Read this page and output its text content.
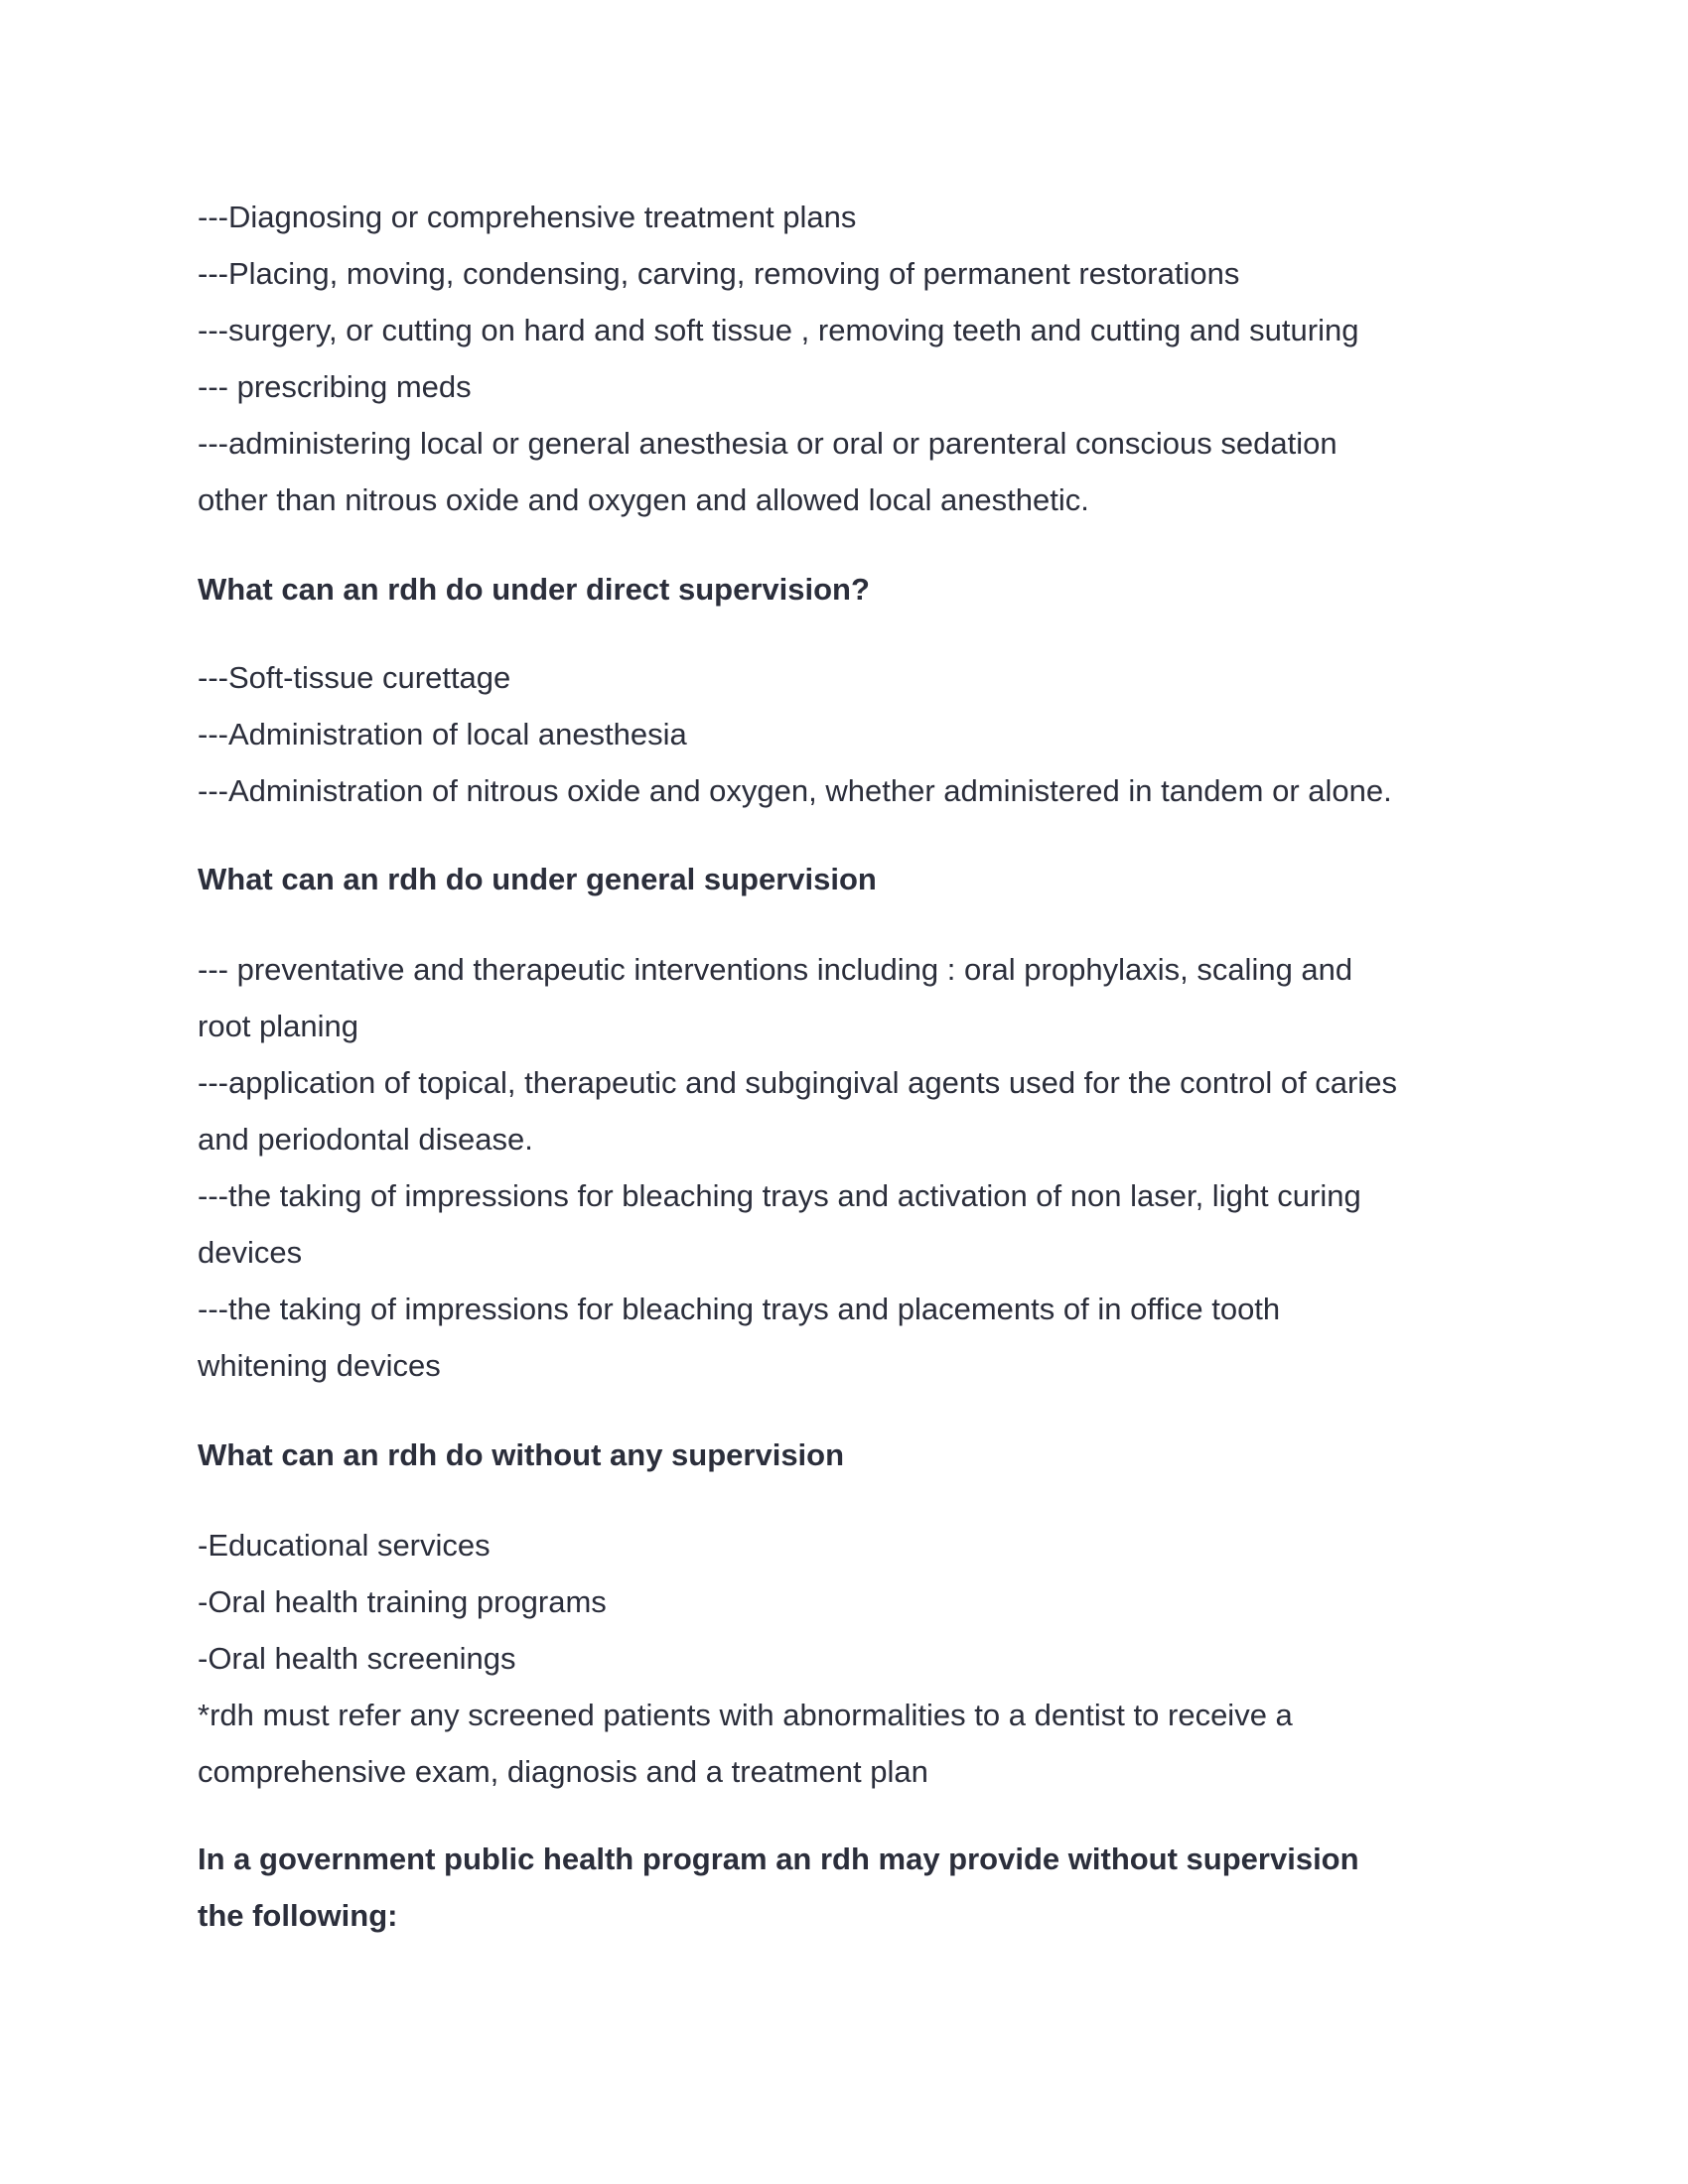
---Diagnosing or comprehensive treatment plans
---Placing, moving, condensing, carving, removing of permanent restorations
---surgery, or cutting on hard and soft tissue , removing teeth and cutting and suturing
--- prescribing meds
---administering local or general anesthesia or oral or parenteral conscious sedation
other than nitrous oxide and oxygen and allowed local anesthetic.
What can an rdh do under direct supervision?
---Soft-tissue curettage
---Administration of local anesthesia
---Administration of nitrous oxide and oxygen, whether administered in tandem or alone.
What can an rdh do under general supervision
--- preventative and therapeutic interventions including : oral prophylaxis, scaling and
root planing
---application of topical, therapeutic and subgingival agents used for the control of caries
and periodontal disease.
---the taking of impressions for bleaching trays and activation of non laser, light curing
devices
---the taking of impressions for bleaching trays and placements of in office tooth
whitening devices
What can an rdh do without any supervision
-Educational services
-Oral health training programs
-Oral health screenings
*rdh must refer any screened patients with abnormalities to a dentist to receive a
comprehensive exam, diagnosis and a treatment plan
In a government public health program an rdh may provide without supervision
the following:
